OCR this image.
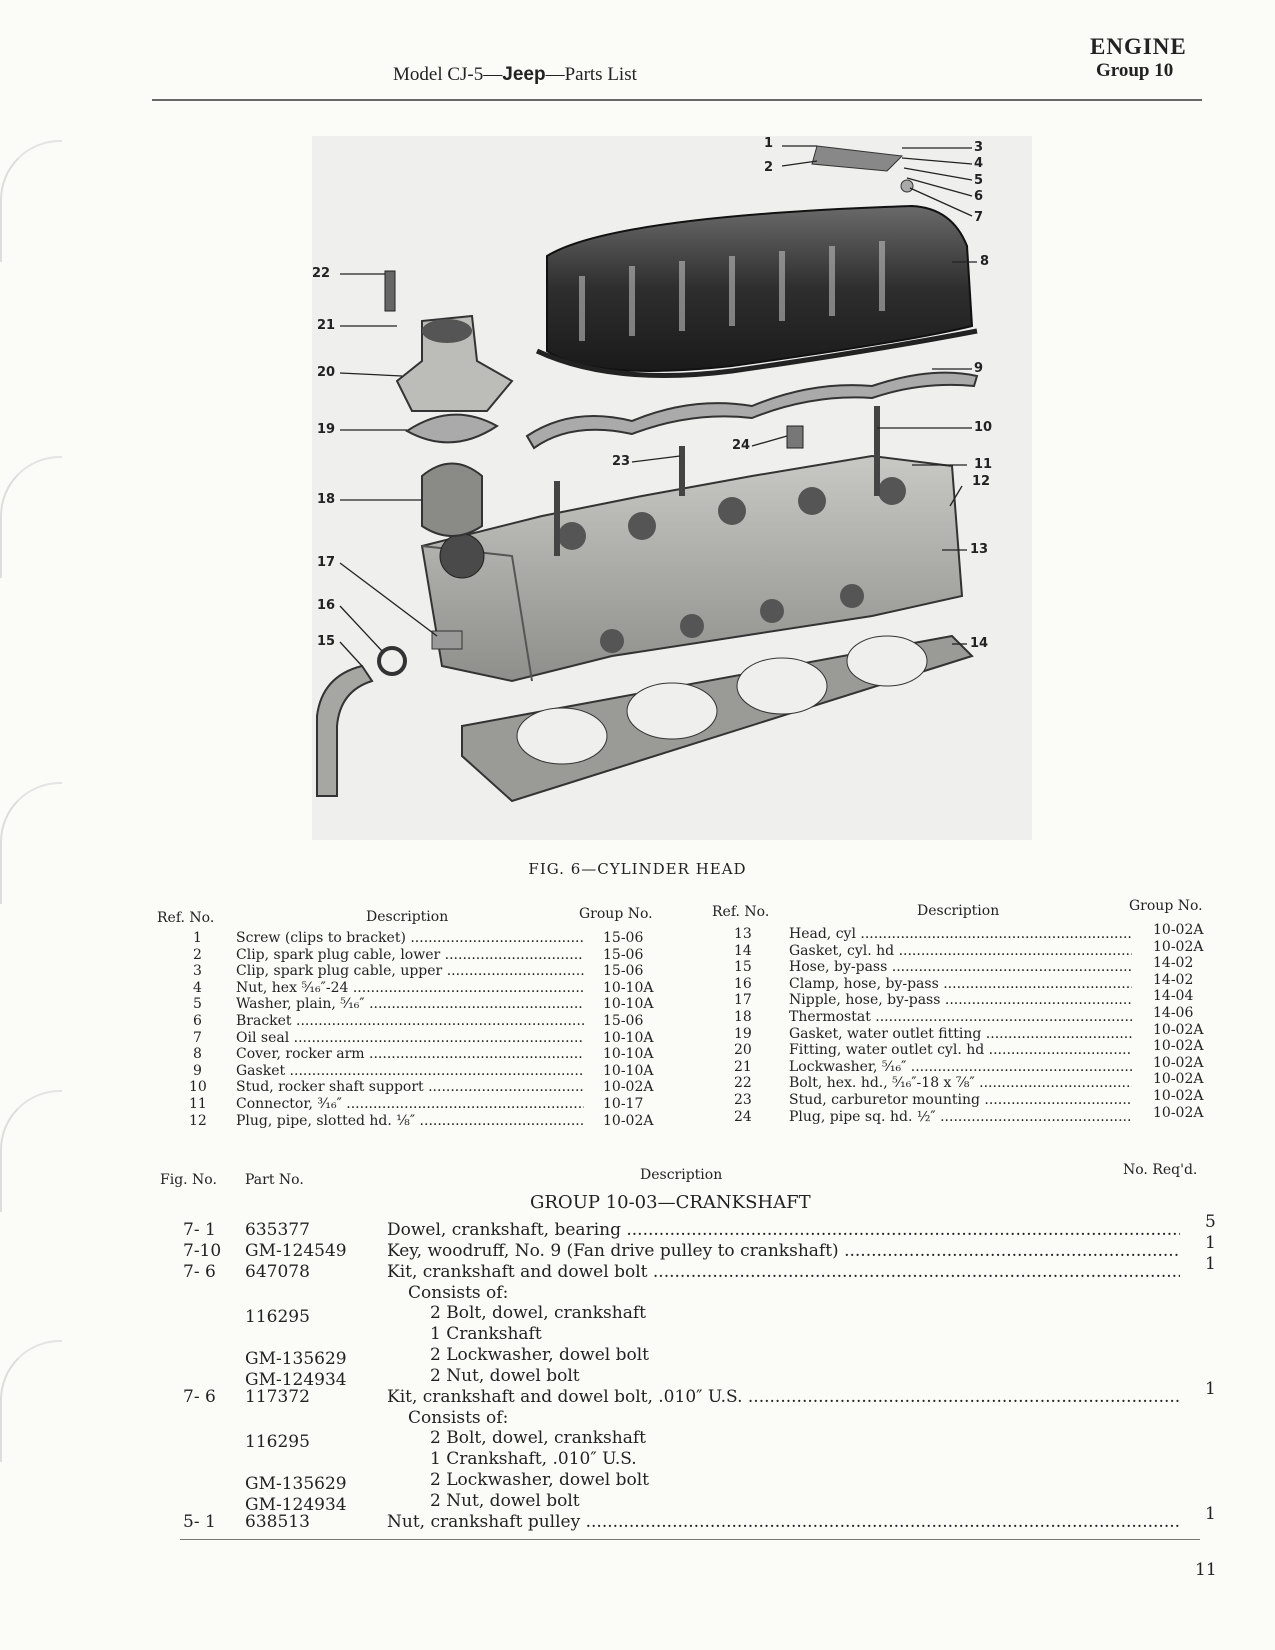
Model CJ-5—Jeep—Parts List
ENGINE
Group 10
1
2
3
4
5
6
7
8
9
10
11
12
13
14
15
16
17
18
19
20
21
22
23
24
FIG. 6—CYLINDER HEAD
Ref. No.	Description	Group No.	Ref. No.	Description	Group No.
1 Screw (clips to bracket) .....	15-06
2 Clip, spark plug cable, lower .....	15-06
3 Clip, spark plug cable, upper .....	15-06
4 Nut, hex ⁵⁄₁₆″-24 .....	10-10A
5 Washer, plain, ⁵⁄₁₆″ .....	10-10A
6 Bracket .....	15-06
7 Oil seal .....	10-10A
8 Cover, rocker arm .....	10-10A
9 Gasket .....	10-10A
10 Stud, rocker shaft support .....	10-02A
11 Connector, ³⁄₁₆″ .....	10-17
12 Plug, pipe, slotted hd. ⅛″ .....	10-02A
13	Head, cyl .....	10-02A
14	Gasket, cyl. hd .....	10-02A
15	Hose, by-pass .....	14-02
16	Clamp, hose, by-pass .....	14-02
17	Nipple, hose, by-pass .....	14-04
18	Thermostat .....	14-06
19	Gasket, water outlet fitting .....	10-02A
20	Fitting, water outlet cyl. hd .....	10-02A
21	Lockwasher, ⁵⁄₁₆″ .....	10-02A
22	Bolt, hex. hd., ⁵⁄₁₆″-18 x ⅞″ .....	10-02A
23	Stud, carburetor mounting .....	10-02A
24	Plug, pipe sq. hd. ½″ .....	10-02A
Fig. No. Part No.	Description	No. Req'd.
GROUP 10-03—CRANKSHAFT
7- 1 635377	Dowel, crankshaft, bearing .....	5
7-10 GM-124549 Key, woodruff, No. 9 (Fan drive pulley to crankshaft) .....	1
7- 6 647078	Kit, crankshaft and dowel bolt .....	1
Consists of:
116295	2 Bolt, dowel, crankshaft
1 Crankshaft
GM-135629	2 Lockwasher, dowel bolt
GM-124934	2 Nut, dowel bolt
7- 6 117372	Kit, crankshaft and dowel bolt, .010″ U.S. .....	1
Consists of:
116295	2 Bolt, dowel, crankshaft
1 Crankshaft, .010″ U.S.
GM-135629	2 Lockwasher, dowel bolt
GM-124934	2 Nut, dowel bolt
5- 1 638513	Nut, crankshaft pulley .....	1
11
